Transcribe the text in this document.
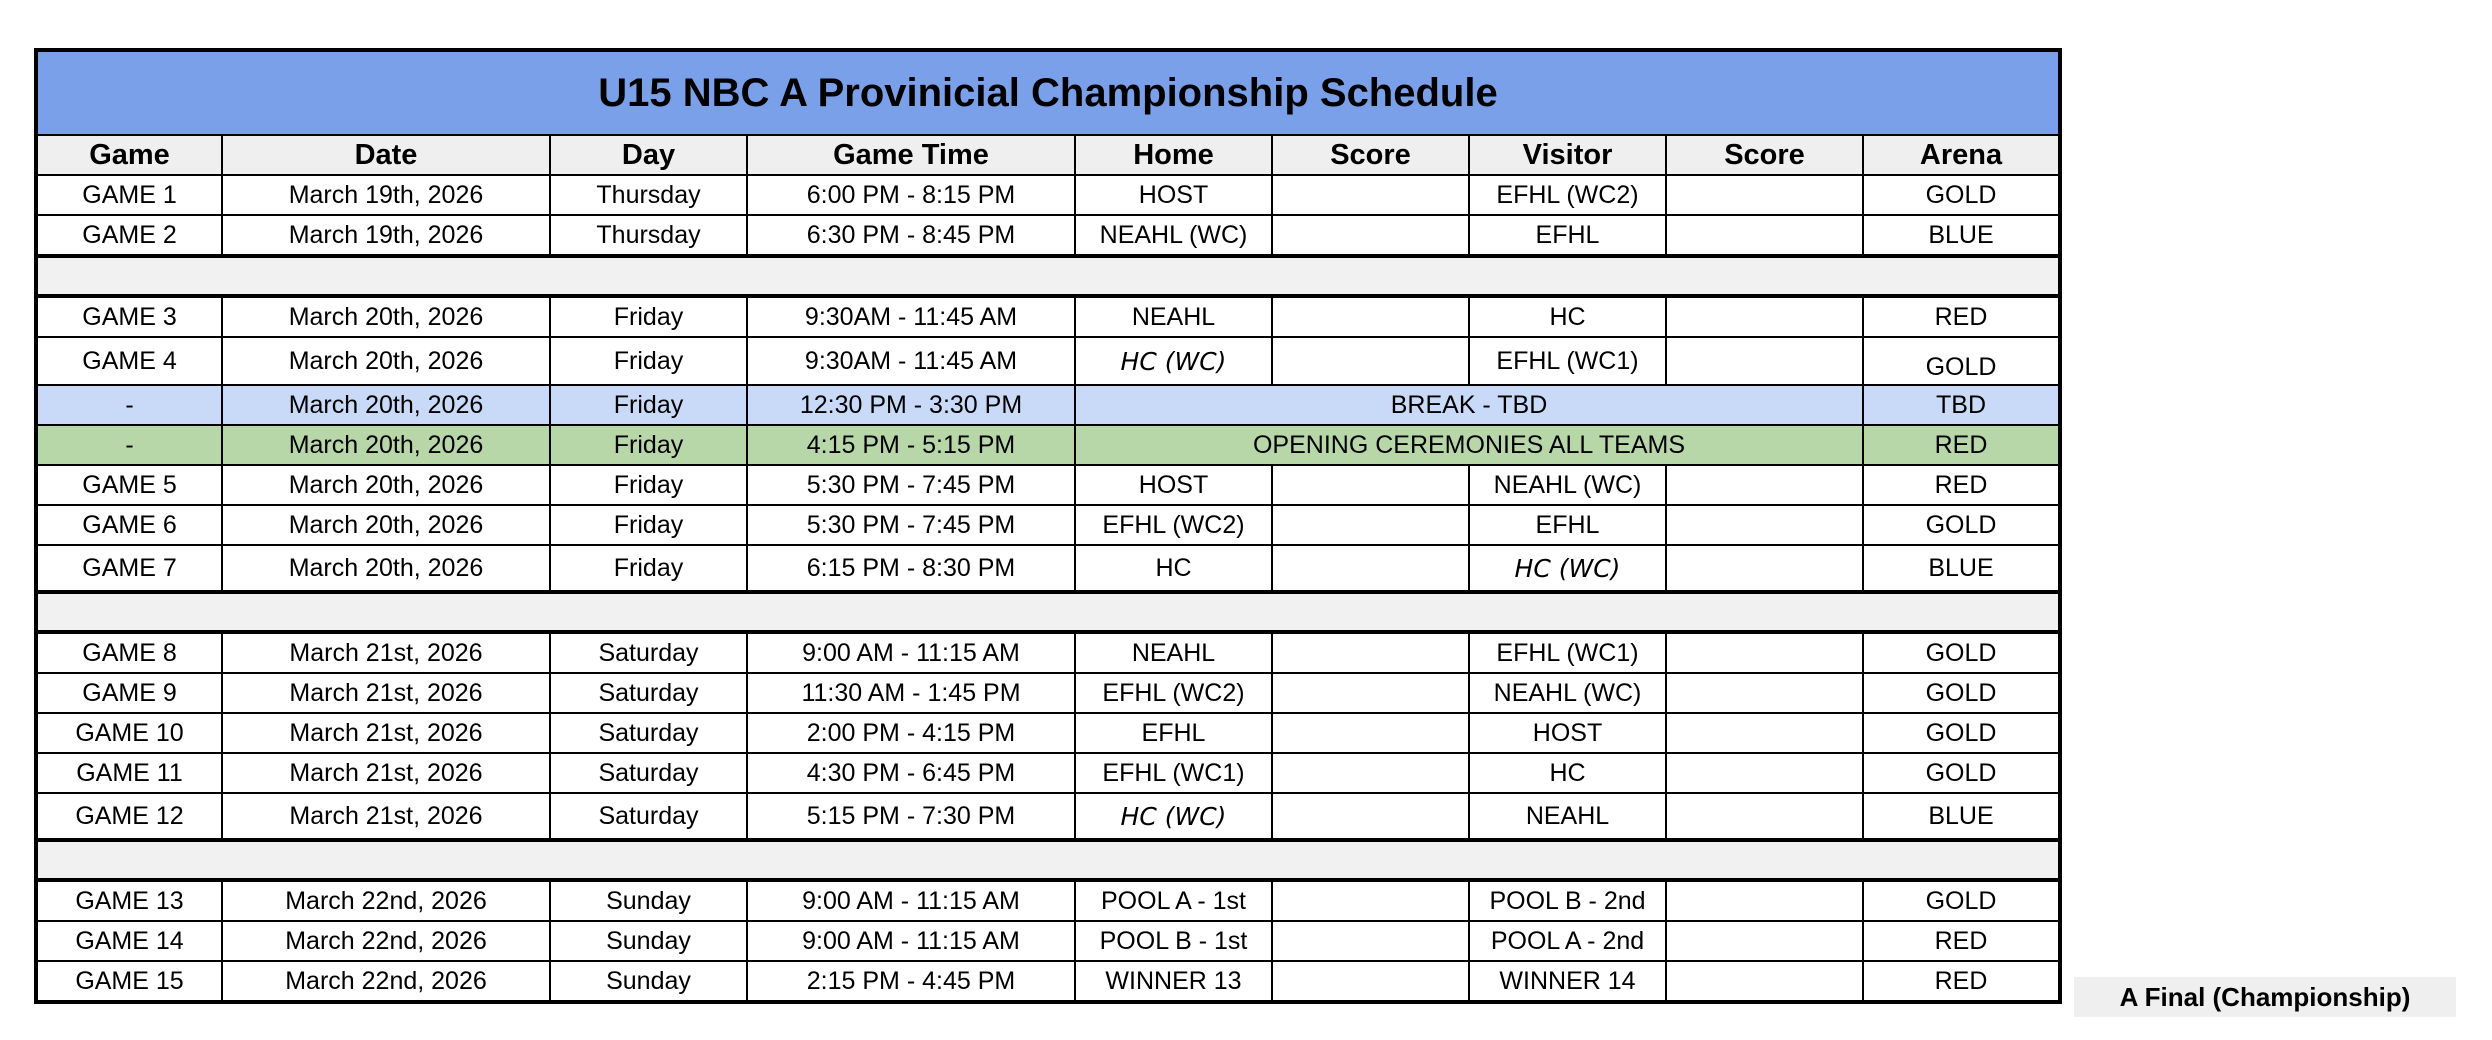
U15 NBC A Provinicial Championship Schedule								
Game	Date	Day	Game Time	Home	Score	Visitor	Score	Arena
GAME 1	March 19th, 2026	Thursday	6:00 PM - 8:15 PM	HOST		EFHL (WC2)		GOLD
GAME 2	March 19th, 2026	Thursday	6:30 PM - 8:45 PM	NEAHL (WC)		EFHL		BLUE

GAME 3	March 20th, 2026	Friday	9:30AM - 11:45 AM	NEAHL		HC		RED
GAME 4	March 20th, 2026	Friday	9:30AM - 11:45 AM	HC (WC)		EFHL (WC1)		GOLD
-	March 20th, 2026	Friday	12:30 PM - 3:30 PM	BREAK - TBD				TBD
-	March 20th, 2026	Friday	4:15 PM - 5:15 PM	OPENING CEREMONIES ALL TEAMS				RED
GAME 5	March 20th, 2026	Friday	5:30 PM - 7:45 PM	HOST		NEAHL (WC)		RED
GAME 6	March 20th, 2026	Friday	5:30 PM - 7:45 PM	EFHL (WC2)		EFHL		GOLD
GAME 7	March 20th, 2026	Friday	6:15 PM - 8:30 PM	HC		HC (WC)		BLUE

GAME 8	March 21st, 2026	Saturday	9:00 AM - 11:15 AM	NEAHL		EFHL (WC1)		GOLD
GAME 9	March 21st, 2026	Saturday	11:30 AM - 1:45 PM	EFHL (WC2)		NEAHL (WC)		GOLD
GAME 10	March 21st, 2026	Saturday	2:00 PM - 4:15 PM	EFHL		HOST		GOLD
GAME 11	March 21st, 2026	Saturday	4:30 PM - 6:45 PM	EFHL (WC1)		HC		GOLD
GAME 12	March 21st, 2026	Saturday	5:15 PM - 7:30 PM	HC (WC)		NEAHL		BLUE

GAME 13	March 22nd, 2026	Sunday	9:00 AM - 11:15 AM	POOL A - 1st		POOL B - 2nd		GOLD
GAME 14	March 22nd, 2026	Sunday	9:00 AM - 11:15 AM	POOL B - 1st		POOL A - 2nd		RED
GAME 15	March 22nd, 2026	Sunday	2:15 PM - 4:45 PM	WINNER 13		WINNER 14		RED
A Final (Championship)
